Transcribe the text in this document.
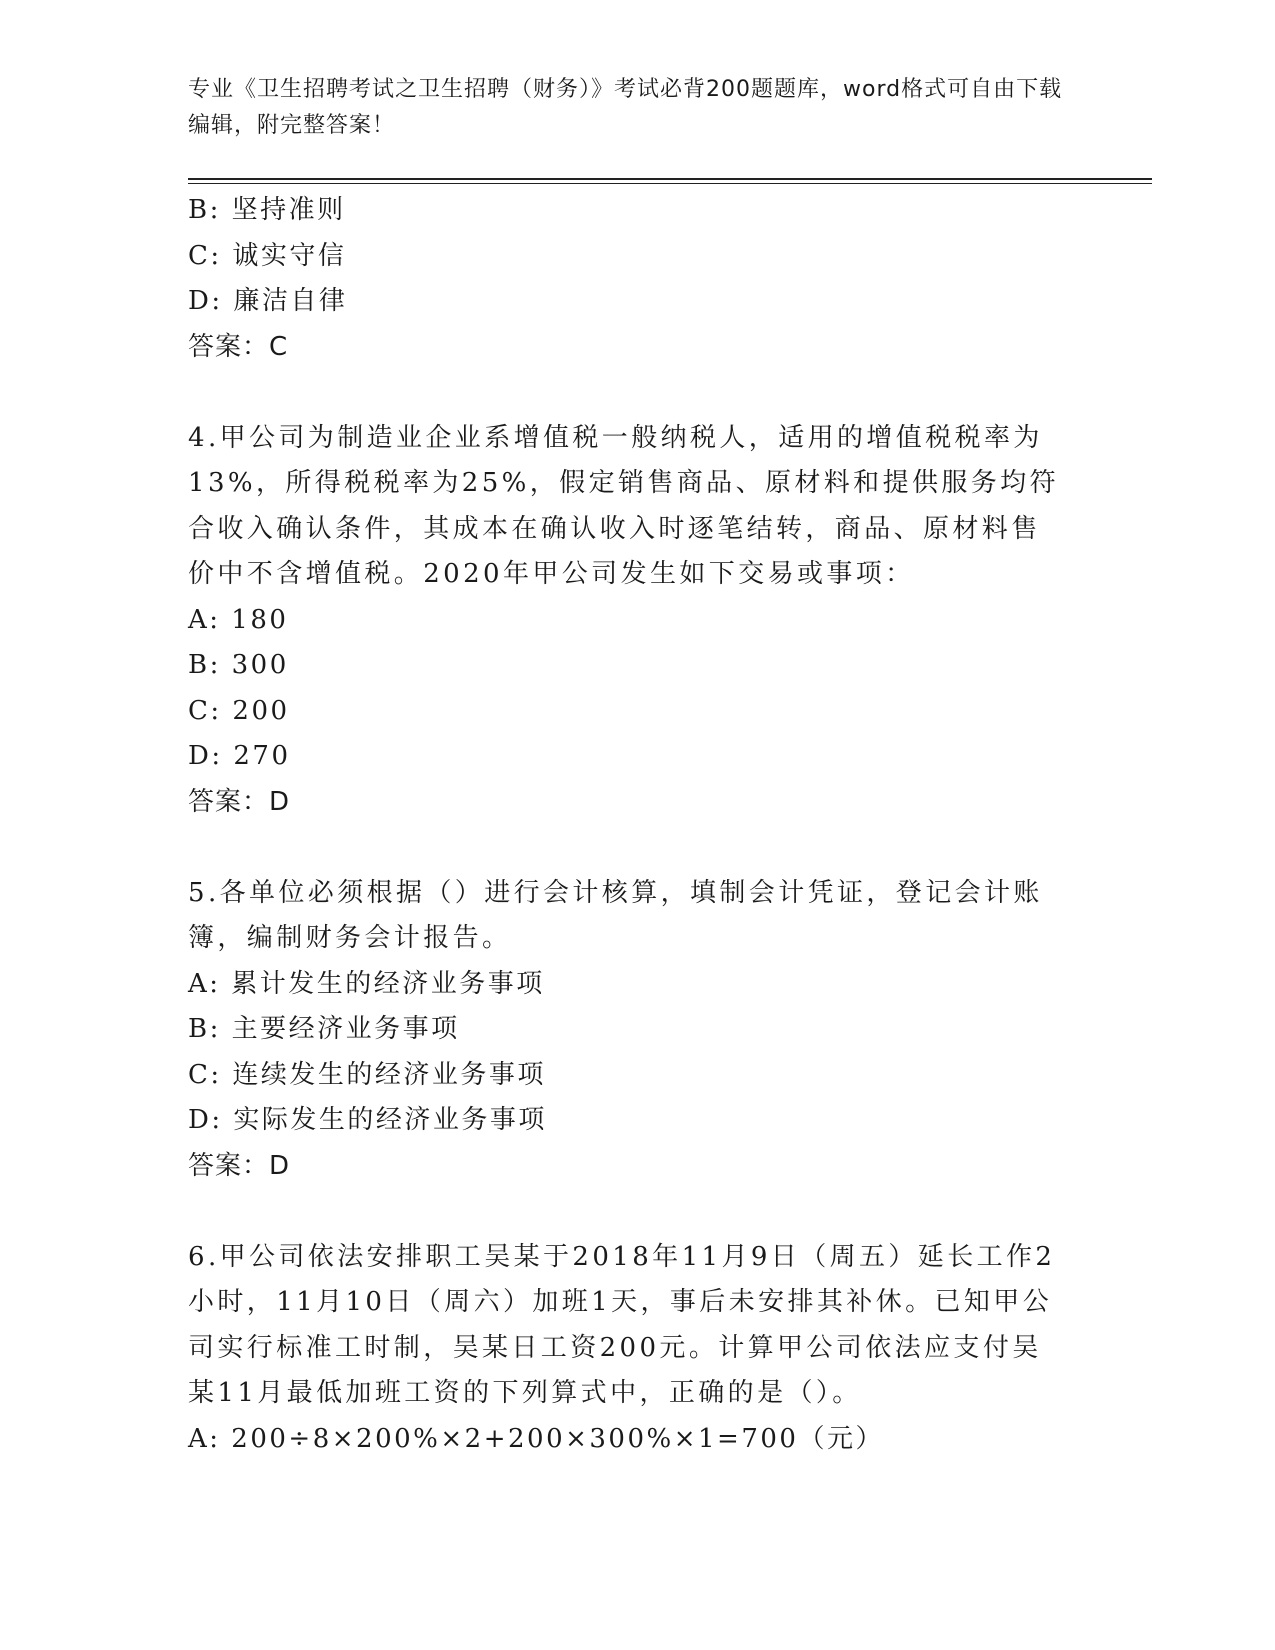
专业《卫生招聘考试之卫生招聘（财务）》考试必背200题题库，word格式可自由下载编辑，附完整答案！
B: 坚持准则
C: 诚实守信
D: 廉洁自律
答案：C
4.甲公司为制造业企业系增值税一般纳税人，适用的增值税税率为13%，所得税税率为25%，假定销售商品、原材料和提供服务均符合收入确认条件，其成本在确认收入时逐笔结转，商品、原材料售价中不含增值税。2020年甲公司发生如下交易或事项：
A: 180
B: 300
C: 200
D: 270
答案：D
5.各单位必须根据（）进行会计核算，填制会计凭证，登记会计账簿，编制财务会计报告。
A: 累计发生的经济业务事项
B: 主要经济业务事项
C: 连续发生的经济业务事项
D: 实际发生的经济业务事项
答案：D
6.甲公司依法安排职工吴某于2018年11月9日（周五）延长工作2小时，11月10日（周六）加班1天，事后未安排其补休。已知甲公司实行标准工时制，吴某日工资200元。计算甲公司依法应支付吴某11月最低加班工资的下列算式中，正确的是（）。
A: 200÷8×200%×2+200×300%×1=700（元）
